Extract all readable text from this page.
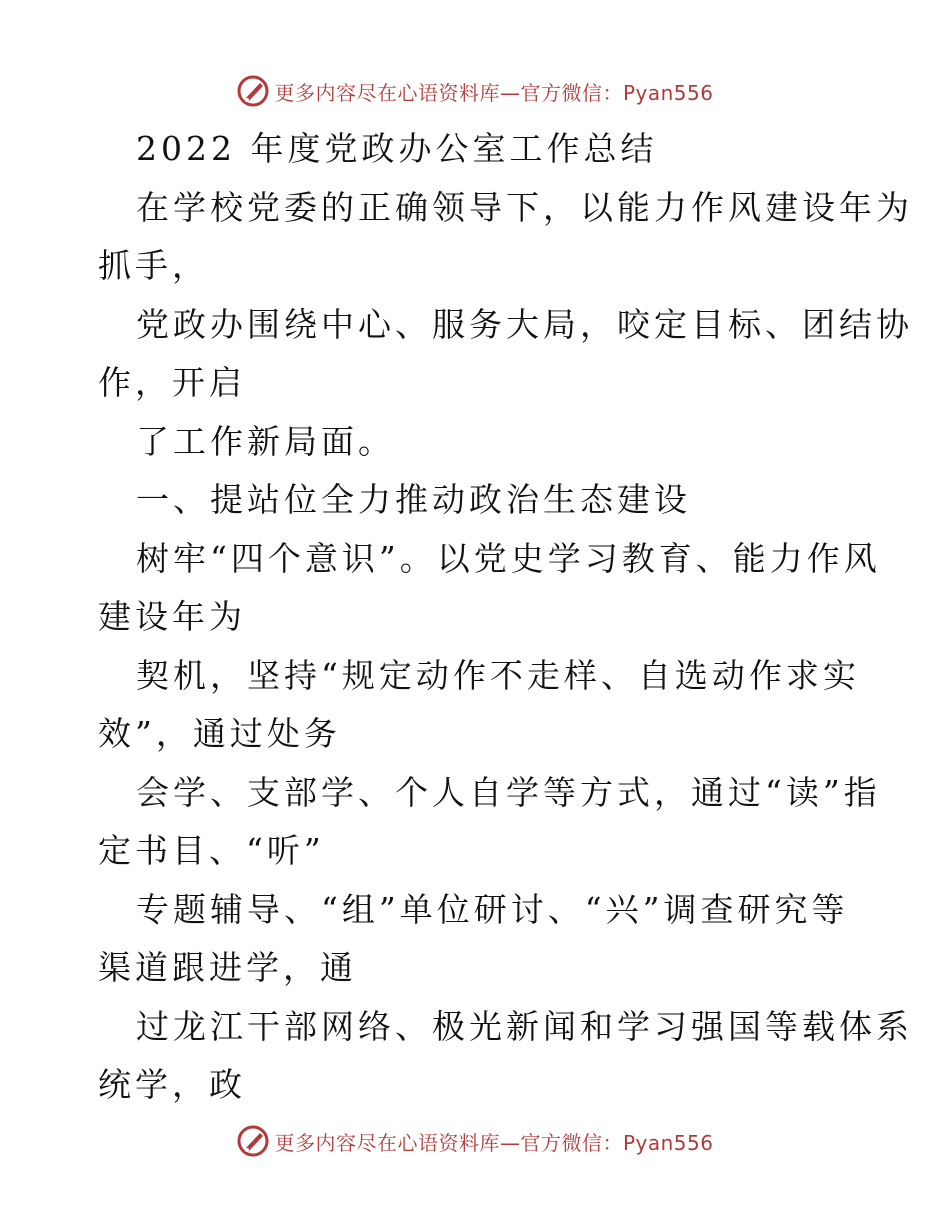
更多内容尽在心语资料库—官方微信：Pyan556
2022 年度党政办公室工作总结
在学校党委的正确领导下，以能力作风建设年为
抓手，
党政办围绕中心、服务大局，咬定目标、团结协
作，开启
了工作新局面。
一、提站位全力推动政治生态建设
树牢“四个意识”。以党史学习教育、能力作风
建设年为
契机，坚持“规定动作不走样、自选动作求实
效”，通过处务
会学、支部学、个人自学等方式，通过“读”指
定书目、“听”
专题辅导、“组”单位研讨、“兴”调查研究等
渠道跟进学，通
过龙江干部网络、极光新闻和学习强国等载体系
统学，政
更多内容尽在心语资料库—官方微信：Pyan556
